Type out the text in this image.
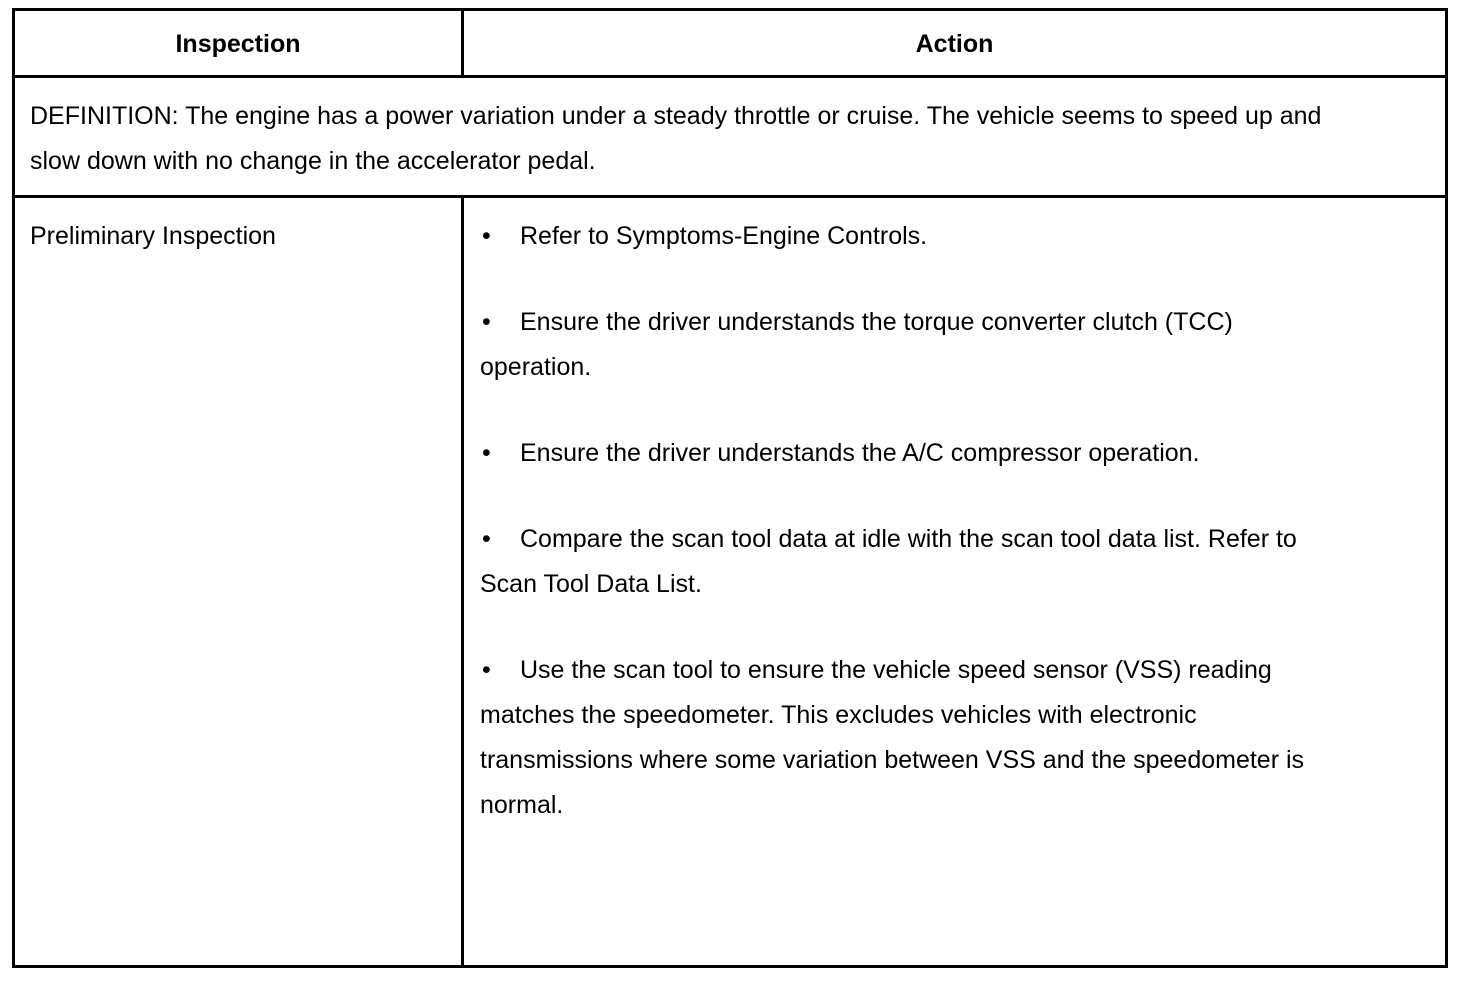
Inspection	Action
DEFINITION: The engine has a power variation under a steady throttle or cruise. The vehicle seems to speed up and slow down with no change in the accelerator pedal.
Preliminary Inspection	• Refer to Symptoms-Engine Controls.
• Ensure the driver understands the torque converter clutch (TCC) operation.
• Ensure the driver understands the A/C compressor operation.
• Compare the scan tool data at idle with the scan tool data list. Refer to Scan Tool Data List.
• Use the scan tool to ensure the vehicle speed sensor (VSS) reading matches the speedometer. This excludes vehicles with electronic transmissions where some variation between VSS and the speedometer is normal.
